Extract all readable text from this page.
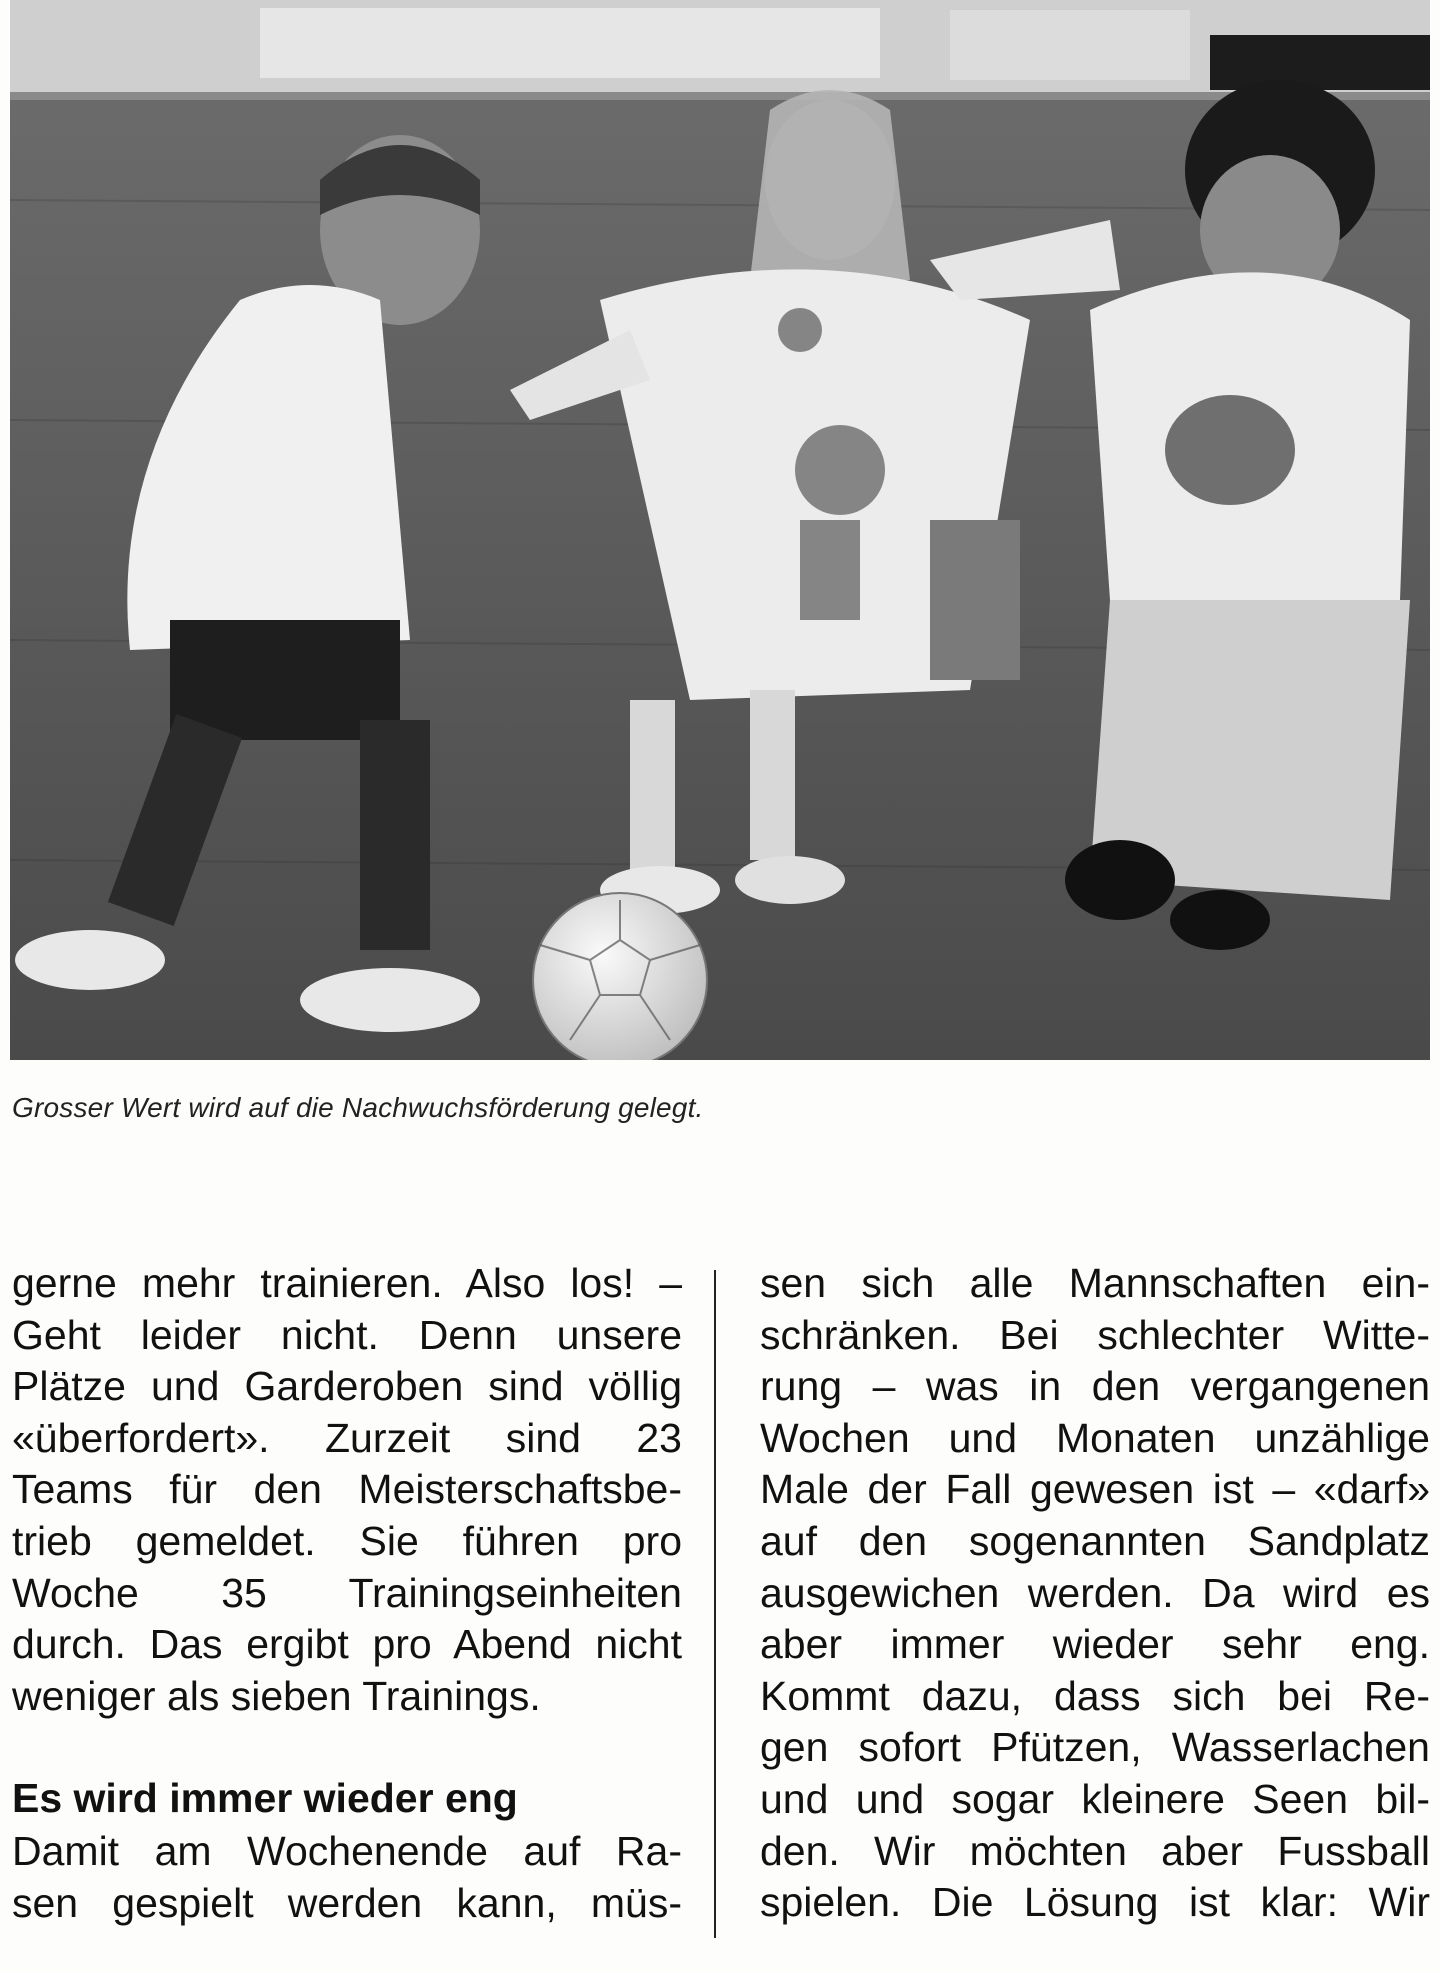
Grosser Wert wird auf die Nachwuchsförderung gelegt.
gerne mehr trainieren. Also los! –
Geht leider nicht. Denn unsere
Plätze und Garderoben sind völlig
«überfordert». Zurzeit sind 23
Teams für den Meisterschaftsbe-
trieb gemeldet. Sie führen pro
Woche 35 Trainingseinheiten
durch. Das ergibt pro Abend nicht
weniger als sieben Trainings.
Es wird immer wieder eng
Damit am Wochenende auf Ra-
sen gespielt werden kann, müs-
sen sich alle Mannschaften ein-
schränken. Bei schlechter Witte-
rung – was in den vergangenen
Wochen und Monaten unzählige
Male der Fall gewesen ist – «darf»
auf den sogenannten Sandplatz
ausgewichen werden. Da wird es
aber immer wieder sehr eng.
Kommt dazu, dass sich bei Re-
gen sofort Pfützen, Wasserlachen
und und sogar kleinere Seen bil-
den. Wir möchten aber Fussball
spielen. Die Lösung ist klar: Wir
